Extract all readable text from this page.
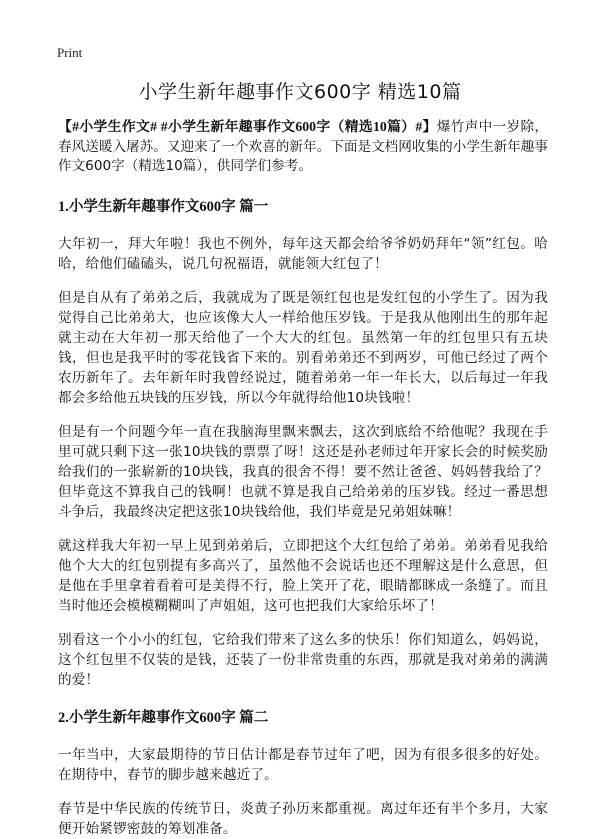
Print
小学生新年趣事作文600字 精选10篇

【#小学生作文# #小学生新年趣事作文600字（精选10篇）#】爆竹声中一岁除，春风送暖入屠苏。又迎来了一个欢喜的新年。下面是文档网收集的小学生新年趣事作文600字（精选10篇），供同学们参考。

1.小学生新年趣事作文600字 篇一

大年初一，拜大年啦！我也不例外，每年这天都会给爷爷奶奶拜年“领”红包。哈哈，给他们磕磕头，说几句祝福语，就能领大红包了！

但是自从有了弟弟之后，我就成为了既是领红包也是发红包的小学生了。因为我觉得自己比弟弟大，也应该像大人一样给他压岁钱。于是我从他刚出生的那年起就主动在大年初一那天给他了一个大大的红包。虽然第一年的红包里只有五块钱，但也是我平时的零花钱省下来的。别看弟弟还不到两岁，可他已经过了两个农历新年了。去年新年时我曾经说过，随着弟弟一年一年长大，以后每过一年我都会多给他五块钱的压岁钱，所以今年就得给他10块钱啦！

但是有一个问题今年一直在我脑海里飘来飘去，这次到底给不给他呢？我现在手里可就只剩下这一张10块钱的票票了呀！这还是孙老师过年开家长会的时候奖励给我们的一张崭新的10块钱，我真的很舍不得！要不然让爸爸、妈妈替我给了？但毕竟这不算我自己的钱啊！也就不算是我自己给弟弟的压岁钱。经过一番思想斗争后，我最终决定把这张10块钱给他，我们毕竟是兄弟姐妹嘛！

就这样我大年初一早上见到弟弟后，立即把这个大红包给了弟弟。弟弟看见我给他个大大的红包别提有多高兴了，虽然他不会说话也还不理解这是什么意思，但是他在手里拿着看着可是美得不行，脸上笑开了花，眼睛都眯成一条缝了。而且当时他还会模模糊糊叫了声姐姐，这可也把我们大家给乐坏了！

别看这一个小小的红包，它给我们带来了这么多的快乐！你们知道么，妈妈说，这个红包里不仅装的是钱，还装了一份非常贵重的东西，那就是我对弟弟的满满的爱！

2.小学生新年趣事作文600字 篇二

一年当中，大家最期待的节日估计都是春节过年了吧，因为有很多很多的好处。在期待中，春节的脚步越来越近了。

春节是中华民族的传统节日，炎黄子孙历来都重视。离过年还有半个多月，大家便开始紧锣密鼓的筹划准备。
